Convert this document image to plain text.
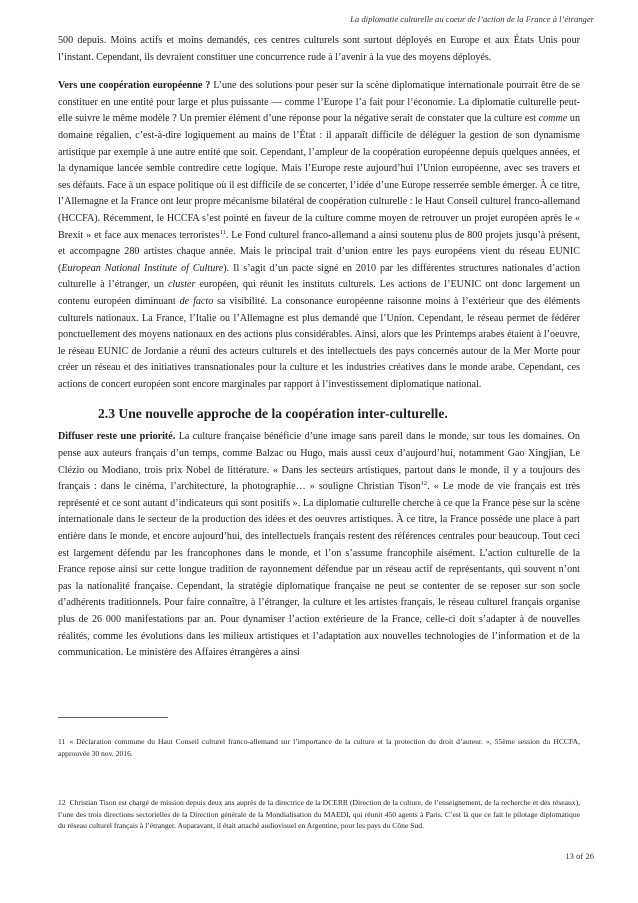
La diplomatie culturelle au coeur de l’action de la France à l’étranger

500 depuis. Moins actifs et moins demandés, ces centres culturels sont surtout déployés en Europe et aux États Unis pour l’instant. Cependant, ils devraient constituer une concurrence rude à l’avenir à la vue des moyens déployés.

Vers une coopération européenne ? L’une des solutions pour peser sur la scène diplomatique internationale pourrait être de se constituer en une entité pour large et plus puissante — comme l’Europe l’a fait pour l’économie. La diplomatie culturelle peut-elle suivre le même modèle ? Un premier élément d’une réponse pour la négative serait de constater que la culture est comme un domaine régalien, c’est-à-dire logiquement au mains de l’État : il apparaît difficile de déléguer la gestion de son dynamisme artistique par exemple à une autre entité que soit. Cependant, l’ampleur de la coopération européenne depuis quelques années, et la dynamique lancée semble contredire cette logique. Mais l’Europe reste aujourd’hui l’Union européenne, avec ses travers et ses défauts. Face à un espace politique où il est difficile de se concerter, l’idée d’une Europe resserrée semble émerger. À ce titre, l’Allemagne et la France ont leur propre mécanisme bilatéral de coopération culturelle : le Haut Conseil culturel franco-allemand (HCCFA). Récemment, le HCCFA s’est pointé en faveur de la culture comme moyen de retrouver un projet européen après le « Brexit » et face aux menaces terroristes$^{11}$. Le Fond culturel franco-allemand a ainsi soutenu plus de 800 projets jusqu’à présent, et accompagne 280 artistes chaque année. Mais le principal trait d’union entre les pays européens vient du réseau EUNIC (European National Institute of Culture). Il s’agit d’un pacte signé en 2010 par les différentes structures nationales d’action culturelle à l’étranger, un cluster européen, qui réunit les instituts culturels. Les actions de l’EUNIC ont donc largement un contenu européen diminuant de facto sa visibilité. La consonance européenne raisonne moins à l’extérieur que des éléments culturels nationaux. La France, l’Italie ou l’Allemagne est plus demandé que l’Union. Cependant, le réseau permet de fédérer ponctuellement des moyens nationaux en des actions plus considérables. Ainsi, alors que les Printemps arabes étaient à l’oeuvre, le réseau EUNIC de Jordanie a réuni des acteurs culturels et des intellectuels des pays concernés autour de la Mer Morte pour créer un réseau et des initiatives transnationales pour la culture et les industries créatives dans le monde arabe. Cependant, ces actions de concert européen sont encore marginales par rapport à l’investissement diplomatique national.

2.3 Une nouvelle approche de la coopération inter-culturelle.

Diffuser reste une priorité. La culture française bénéficie d’une image sans pareil dans le monde, sur tous les domaines. On pense aux auteurs français d’un temps, comme Balzac ou Hugo, mais aussi ceux d’aujourd’hui, notamment Gao Xingjian, Le Clézio ou Modiano, trois prix Nobel de littérature. « Dans les secteurs artistiques, partout dans le monde, il y a toujours des français : dans le cinéma, l’architecture, la photographie… » souligne Christian Tison$^{12}$. « Le mode de vie français est très représenté et ce sont autant d’indicateurs qui sont positifs ». La diplomatie culturelle cherche à ce que la France pèse sur la scène internationale dans le secteur de la production des idées et des oeuvres artistiques. À ce titre, la France possède une place à part entière dans le monde, et encore aujourd’hui, des intellectuels français restent des références centrales pour beaucoup. Tout ceci est largement défendu par les francophones dans le monde, et l’on s’assume francophile aisément. L’action culturelle de la France repose ainsi sur cette longue tradition de rayonnement défendue par un réseau actif de représentants, qui souvent n’ont pas la nationalité française. Cependant, la stratégie diplomatique française ne peut se contenter de se reposer sur son socle d’adhérents traditionnels. Pour faire connaître, à l’étranger, la culture et les artistes français, le réseau culturel français organise plus de 26 000 manifestations par an. Pour dynamiser l’action extérieure de la France, celle-ci doit s’adapter à de nouvelles réalités, comme les évolutions dans les milieux artistiques et l’adaptation aux nouvelles technologies de l’information et de la communication. Le ministère des Affaires étrangères a ainsi

11 « Déclaration commune du Haut Conseil culturel franco-allemand sur l’importance de la culture et la protection du droit d’auteur. », 55ème session du HCCFA, approuvée 30 nov. 2016.
12 Christian Tison est chargé de mission depuis deux ans auprès de la directrice de la DCERR (Direction de la culture, de l’enseignement, de la recherche et des réseaux), l’une des trois directions sectorielles de la Direction générale de la Mondialisation du MAEDI, qui réunit 450 agents à Paris. C’est là que ce fait le pilotage diplomatique du réseau culturel français à l’étranger. Auparavant, il était attaché audiovisuel en Argentine, pour les pays du Cône Sud.
13 of 26
